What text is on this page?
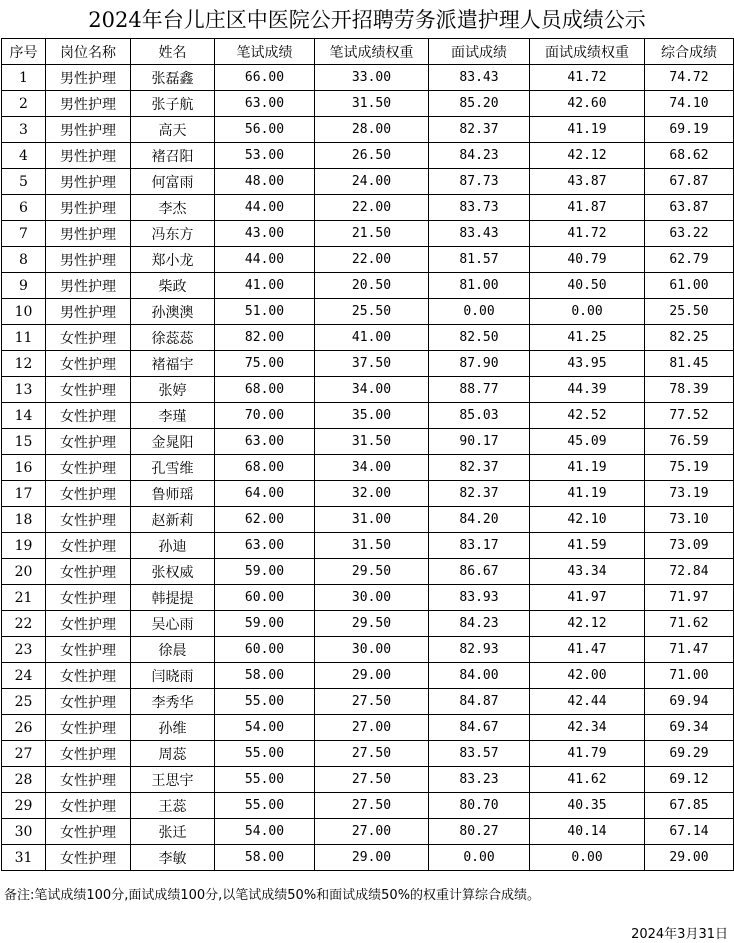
2024年台儿庄区中医院公开招聘劳务派遣护理人员成绩公示
序号	岗位名称	姓名	笔试成绩	笔试成绩权重	面试成绩	面试成绩权重	综合成绩
1	男性护理	张磊鑫	66.00	33.00	83.43	41.72	74.72
2	男性护理	张子航	63.00	31.50	85.20	42.60	74.10
3	男性护理	高天	56.00	28.00	82.37	41.19	69.19
4	男性护理	褚召阳	53.00	26.50	84.23	42.12	68.62
5	男性护理	何富雨	48.00	24.00	87.73	43.87	67.87
6	男性护理	李杰	44.00	22.00	83.73	41.87	63.87
7	男性护理	冯东方	43.00	21.50	83.43	41.72	63.22
8	男性护理	郑小龙	44.00	22.00	81.57	40.79	62.79
9	男性护理	柴政	41.00	20.50	81.00	40.50	61.00
10	男性护理	孙澳澳	51.00	25.50	0.00	0.00	25.50
11	女性护理	徐蕊蕊	82.00	41.00	82.50	41.25	82.25
12	女性护理	褚福宇	75.00	37.50	87.90	43.95	81.45
13	女性护理	张婷	68.00	34.00	88.77	44.39	78.39
14	女性护理	李瑾	70.00	35.00	85.03	42.52	77.52
15	女性护理	金晁阳	63.00	31.50	90.17	45.09	76.59
16	女性护理	孔雪维	68.00	34.00	82.37	41.19	75.19
17	女性护理	鲁师瑶	64.00	32.00	82.37	41.19	73.19
18	女性护理	赵新莉	62.00	31.00	84.20	42.10	73.10
19	女性护理	孙迪	63.00	31.50	83.17	41.59	73.09
20	女性护理	张权威	59.00	29.50	86.67	43.34	72.84
21	女性护理	韩提提	60.00	30.00	83.93	41.97	71.97
22	女性护理	吴心雨	59.00	29.50	84.23	42.12	71.62
23	女性护理	徐晨	60.00	30.00	82.93	41.47	71.47
24	女性护理	闫晓雨	58.00	29.00	84.00	42.00	71.00
25	女性护理	李秀华	55.00	27.50	84.87	42.44	69.94
26	女性护理	孙维	54.00	27.00	84.67	42.34	69.34
27	女性护理	周蕊	55.00	27.50	83.57	41.79	69.29
28	女性护理	王思宇	55.00	27.50	83.23	41.62	69.12
29	女性护理	王蕊	55.00	27.50	80.70	40.35	67.85
30	女性护理	张迁	54.00	27.00	80.27	40.14	67.14
31	女性护理	李敏	58.00	29.00	0.00	0.00	29.00
备注:笔试成绩100分,面试成绩100分,以笔试成绩50%和面试成绩50%的权重计算综合成绩。
2024年3月31日
